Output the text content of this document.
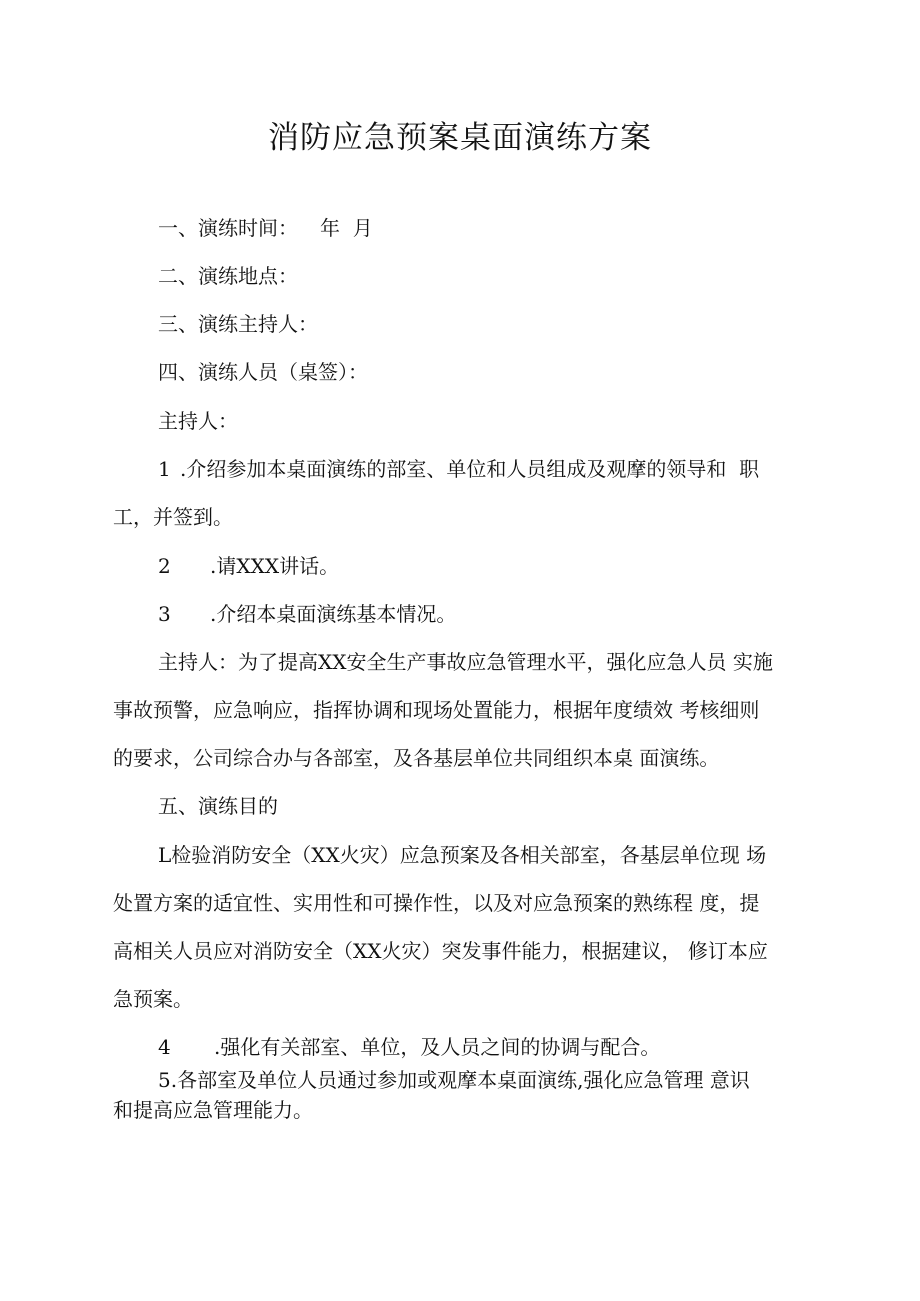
消防应急预案桌面演练方案
一、演练时间： 年  月
二、演练地点：
三、演练主持人：
四、演练人员（桌签）：
主持人：
1 .介绍参加本桌面演练的部室、单位和人员组成及观摩的领导和  职
工，并签到。
2 .请XXX讲话。
3 .介绍本桌面演练基本情况。
主持人：为了提高XX安全生产事故应急管理水平，强化应急人员 实施
事故预警，应急响应，指挥协调和现场处置能力，根据年度绩效 考核细则
的要求，公司综合办与各部室，及各基层单位共同组织本桌 面演练。
五、演练目的
L检验消防安全（XX火灾）应急预案及各相关部室，各基层单位现 场
处置方案的适宜性、实用性和可操作性，以及对应急预案的熟练程 度，提
高相关人员应对消防安全（XX火灾）突发事件能力，根据建议， 修订本应
急预案。
4 .强化有关部室、单位，及人员之间的协调与配合。
5.各部室及单位人员通过参加或观摩本桌面演练,强化应急管理 意识
和提高应急管理能力。
